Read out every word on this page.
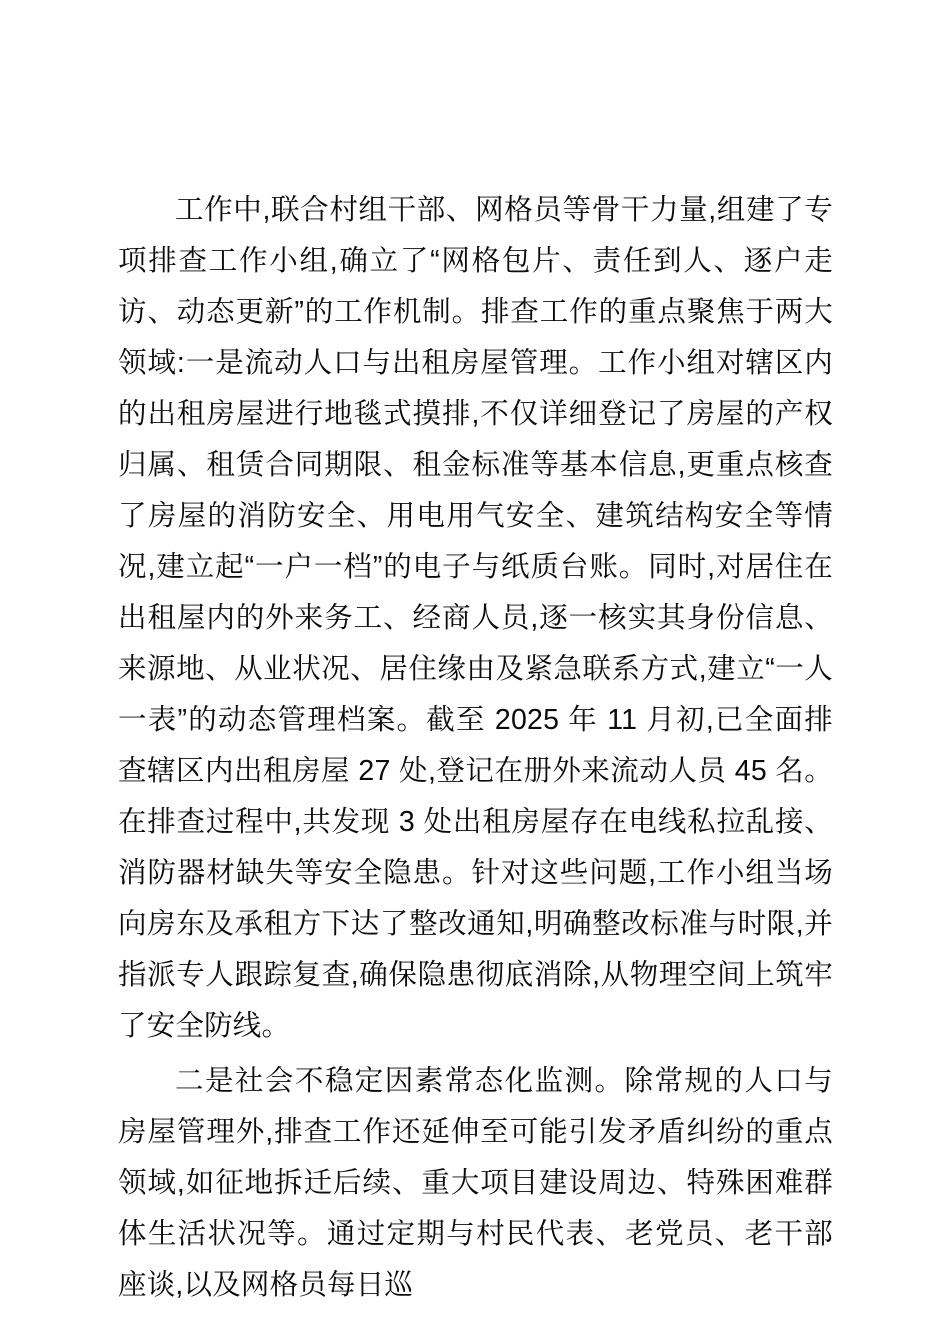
工作中,联合村组干部、网格员等骨干力量,组建了专项排查工作小组,确立了“网格包片、责任到人、逐户走访、动态更新”的工作机制。排查工作的重点聚焦于两大领域:一是流动人口与出租房屋管理。工作小组对辖区内的出租房屋进行地毯式摸排,不仅详细登记了房屋的产权归属、租赁合同期限、租金标准等基本信息,更重点核查了房屋的消防安全、用电用气安全、建筑结构安全等情况,建立起“一户一档”的电子与纸质台账。同时,对居住在出租屋内的外来务工、经商人员,逐一核实其身份信息、来源地、从业状况、居住缘由及紧急联系方式,建立“一人一表”的动态管理档案。截至 2025 年 11 月初,已全面排查辖区内出租房屋 27 处,登记在册外来流动人员 45 名。在排查过程中,共发现 3 处出租房屋存在电线私拉乱接、消防器材缺失等安全隐患。针对这些问题,工作小组当场向房东及承租方下达了整改通知,明确整改标准与时限,并指派专人跟踪复查,确保隐患彻底消除,从物理空间上筑牢了安全防线。

二是社会不稳定因素常态化监测。除常规的人口与房屋管理外,排查工作还延伸至可能引发矛盾纠纷的重点领域,如征地拆迁后续、重大项目建设周边、特殊困难群体生活状况等。通过定期与村民代表、老党员、老干部座谈,以及网格员每日巡
